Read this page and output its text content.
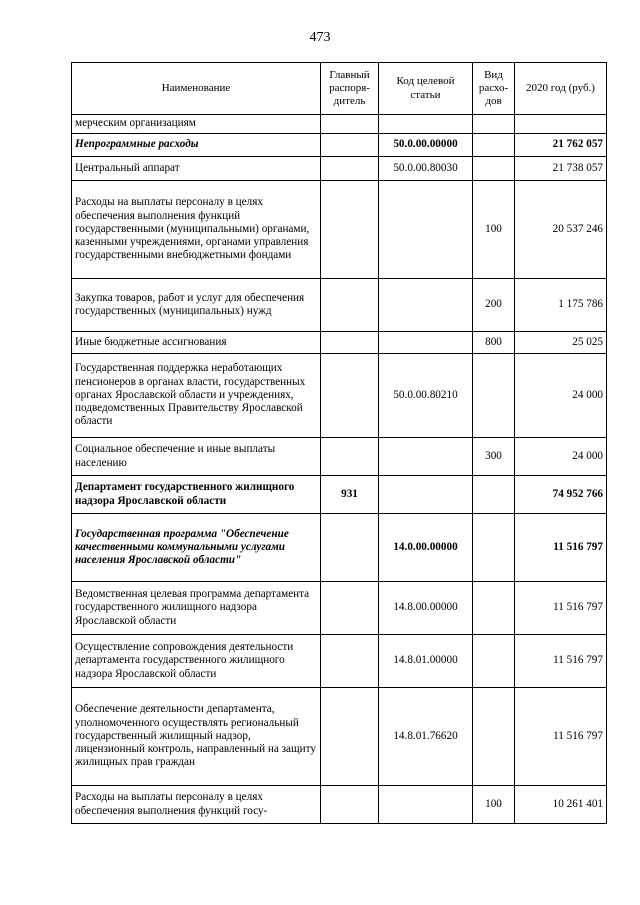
473
Наименование	Главный распоря- дитель	Код целевой статьи	Вид расхо- дов	2020 год (руб.)
мерческим организациям				
Непрограммные расходы		50.0.00.00000		21 762 057
Центральный аппарат		50.0.00.80030		21 738 057
Расходы на выплаты персоналу в целях обеспечения выполнения функций государственными (муниципальными) органами, казенными учреждениями, органами управления государственными внебюджетными фондами			100	20 537 246
Закупка товаров, работ и услуг для обеспечения государственных (муниципальных) нужд			200	1 175 786
Иные бюджетные ассигнования			800	25 025
Государственная поддержка неработающих пенсионеров в органах власти, государственных органах Ярославской области и учреждениях, подведомственных Правительству Ярославской области		50.0.00.80210		24 000
Социальное обеспечение и иные выплаты населению			300	24 000
Департамент государственного жилищного надзора Ярославской области	931			74 952 766
Государственная программа "Обеспечение качественными коммунальными услугами населения Ярославской области"		14.0.00.00000		11 516 797
Ведомственная целевая программа департамента государственного жилищного надзора Ярославской области		14.8.00.00000		11 516 797
Осуществление сопровождения деятельности департамента государственного жилищного надзора Ярославской области		14.8.01.00000		11 516 797
Обеспечение деятельности департамента, уполномоченного осуществлять региональный государственный жилищный надзор, лицензионный контроль, направленный на защиту жилищных прав граждан		14.8.01.76620		11 516 797
Расходы на выплаты персоналу в целях обеспечения выполнения функций госу-			100	10 261 401
